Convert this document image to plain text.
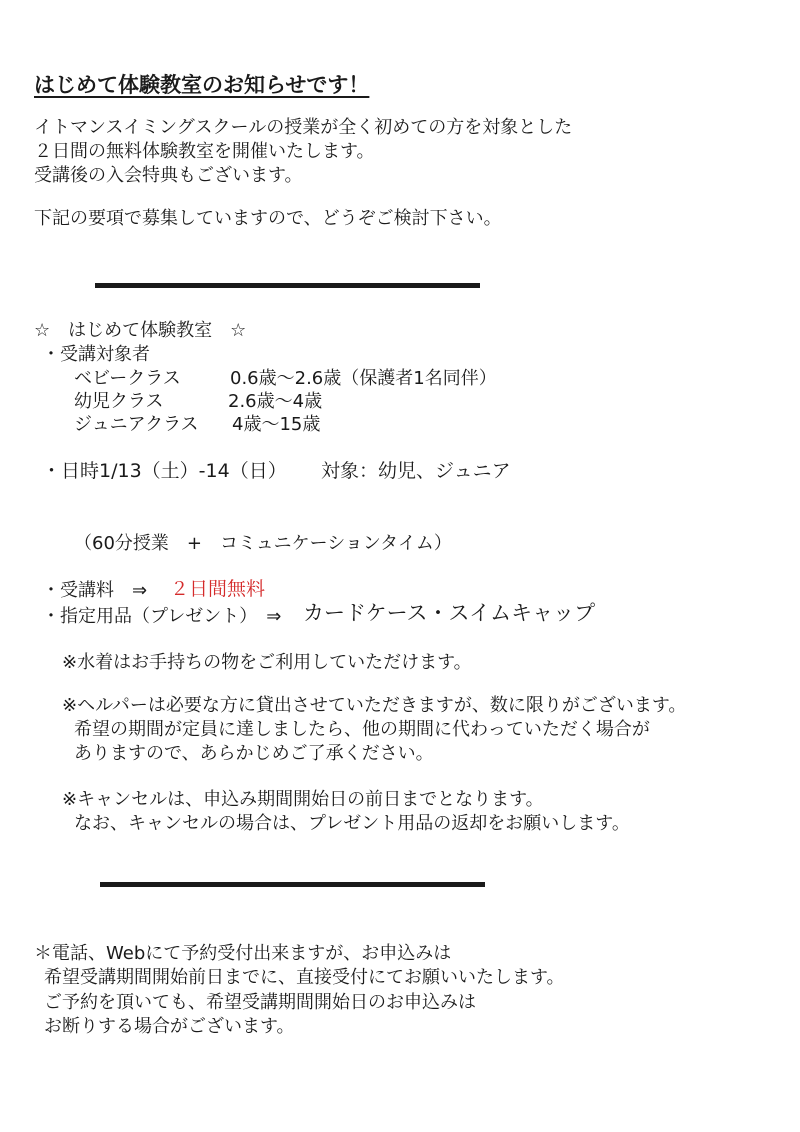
はじめて体験教室のお知らせです！
イトマンスイミングスクールの授業が全く初めての方を対象とした
２日間の無料体験教室を開催いたします。
受講後の入会特典もございます。
下記の要項で募集していますので、どうぞご検討下さい。
☆　はじめて体験教室　☆
・受講対象者
ベビークラス	0.6歳～2.6歳（保護者1名同伴）
幼児クラス	2.6歳～4歳
ジュニアクラス 4歳～15歳
・日時1/13（土）-14（日） 対象：幼児、ジュニア
（60分授業　+　コミュニケーションタイム）
・受講料　⇒ ２日間無料
・指定用品（プレゼント）　⇒ カードケース・スイムキャップ
※水着はお手持ちの物をご利用していただけます。
※ヘルパーは必要な方に貸出させていただきますが、数に限りがございます。
希望の期間が定員に達しましたら、他の期間に代わっていただく場合が
ありますので、あらかじめご了承ください。
※キャンセルは、申込み期間開始日の前日までとなります。
なお、キャンセルの場合は、プレゼント用品の返却をお願いします。
＊電話、Webにて予約受付出来ますが、お申込みは
希望受講期間開始前日までに、直接受付にてお願いいたします。
ご予約を頂いても、希望受講期間開始日のお申込みは
お断りする場合がございます。
